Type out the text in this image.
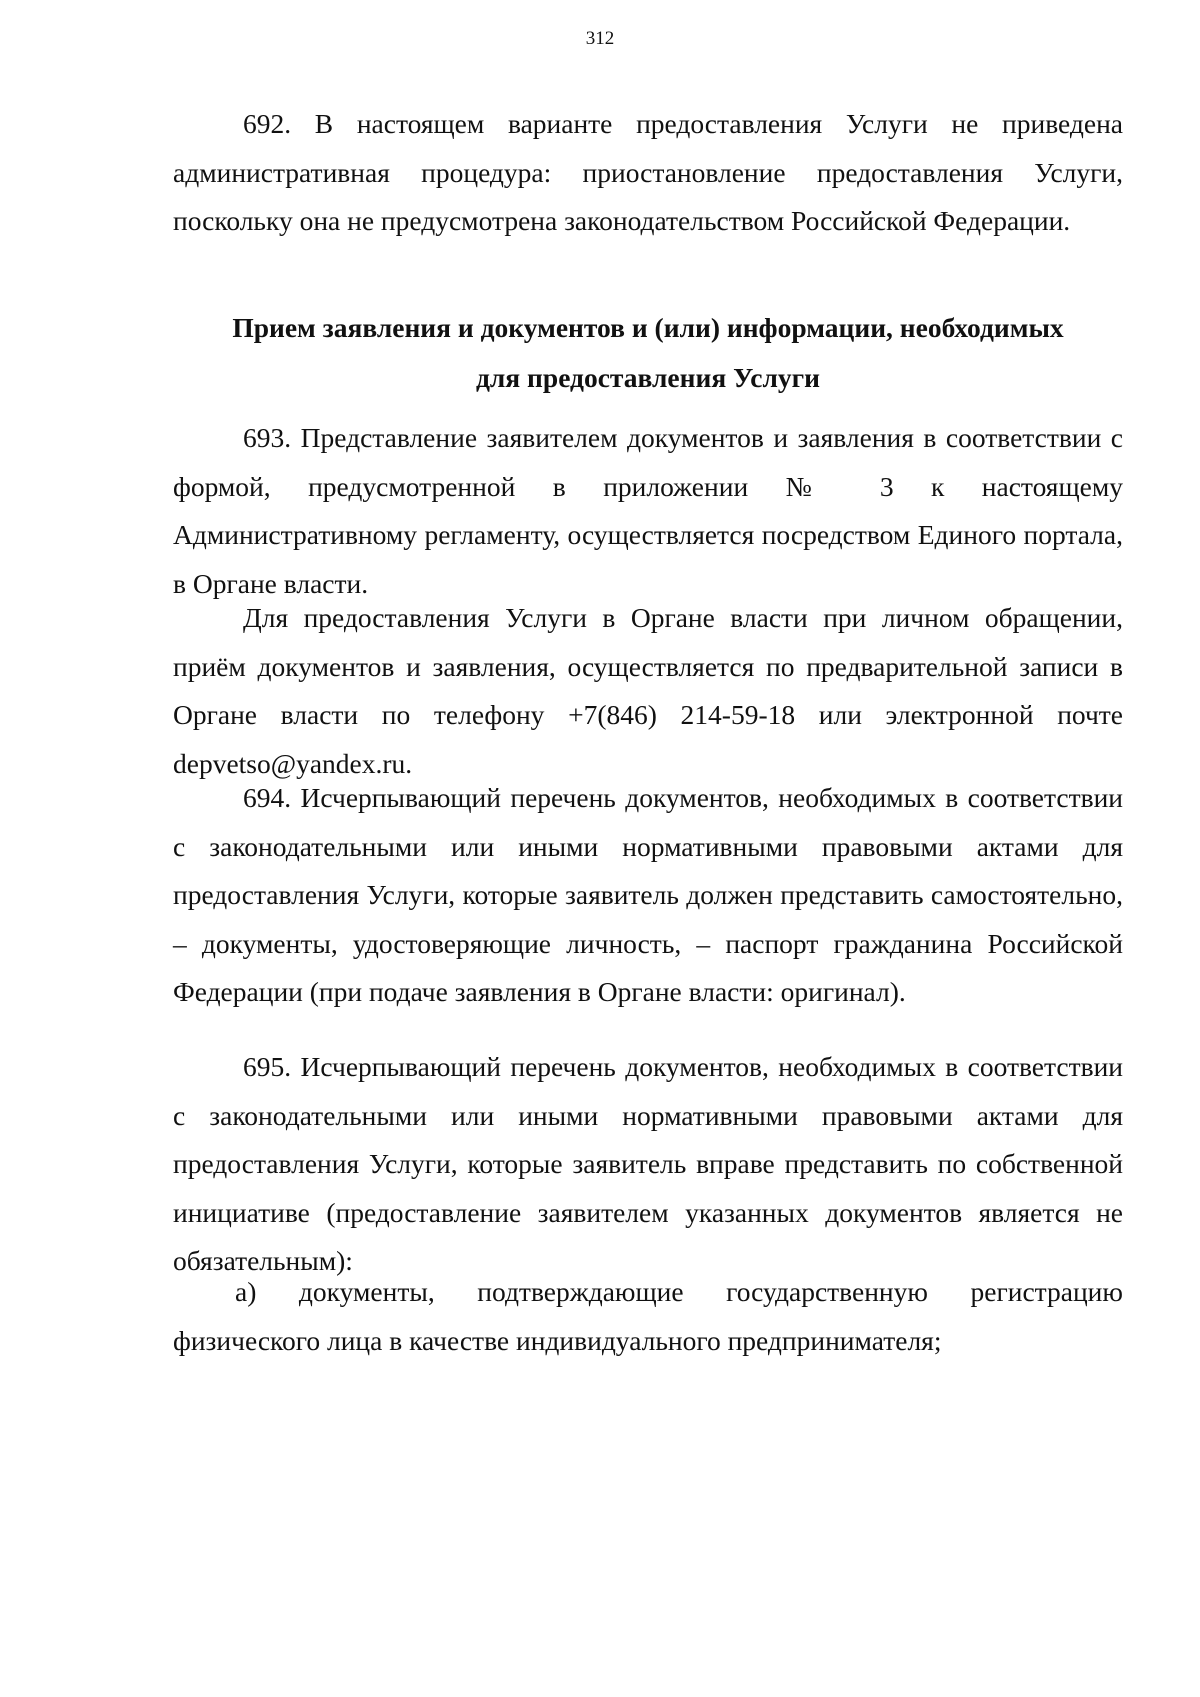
312

692. В настоящем варианте предоставления Услуги не приведена административная процедура: приостановление предоставления Услуги, поскольку она не предусмотрена законодательством Российской Федерации.

Прием заявления и документов и (или) информации, необходимых
для предоставления Услуги

693. Представление заявителем документов и заявления в соответствии с формой, предусмотренной в приложении № 3 к настоящему Административному регламенту, осуществляется посредством Единого портала, в Органе власти.

Для предоставления Услуги в Органе власти при личном обращении, приём документов и заявления, осуществляется по предварительной записи в Органе власти по телефону +7(846) 214-59-18 или электронной почте depvetso@yandex.ru.

694. Исчерпывающий перечень документов, необходимых в соответствии с законодательными или иными нормативными правовыми актами для предоставления Услуги, которые заявитель должен представить самостоятельно, – документы, удостоверяющие личность, – паспорт гражданина Российской Федерации (при подаче заявления в Органе власти: оригинал).

695. Исчерпывающий перечень документов, необходимых в соответствии с законодательными или иными нормативными правовыми актами для предоставления Услуги, которые заявитель вправе представить по собственной инициативе (предоставление заявителем указанных документов является не обязательным):

а) документы, подтверждающие государственную регистрацию
физического лица в качестве индивидуального предпринимателя;
